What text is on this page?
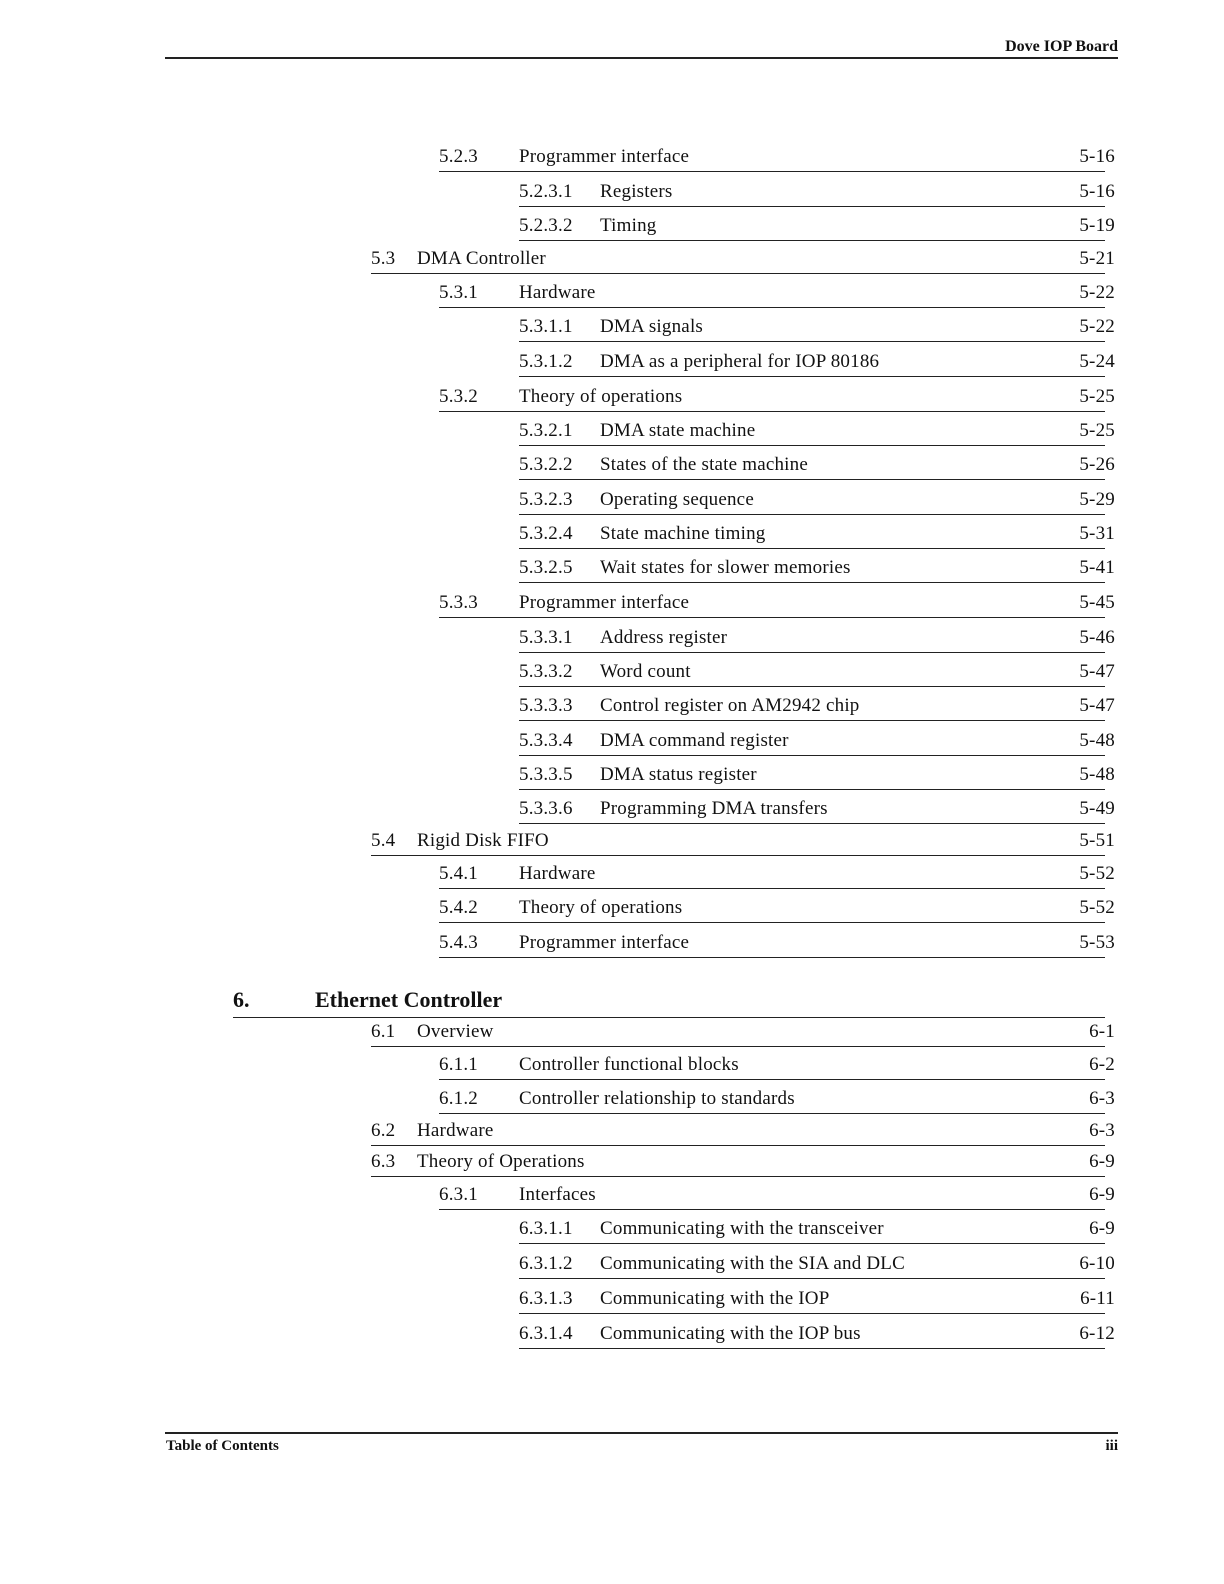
Dove IOP Board
5.2.3 Programmer interface	5-16
5.2.3.1 Registers	5-16
5.2.3.2 Timing	5-19
5.3 DMA Controller	5-21
5.3.1 Hardware	5-22
5.3.1.1 DMA signals	5-22
5.3.1.2 DMA as a peripheral for IOP 80186	5-24
5.3.2 Theory of operations	5-25
5.3.2.1 DMA state machine	5-25
5.3.2.2 States of the state machine	5-26
5.3.2.3 Operating sequence	5-29
5.3.2.4 State machine timing	5-31
5.3.2.5 Wait states for slower memories	5-41
5.3.3 Programmer interface	5-45
5.3.3.1 Address register	5-46
5.3.3.2 Word count	5-47
5.3.3.3 Control register on AM2942 chip	5-47
5.3.3.4 DMA command register	5-48
5.3.3.5 DMA status register	5-48
5.3.3.6 Programming DMA transfers	5-49
5.4 Rigid Disk FIFO	5-51
5.4.1 Hardware	5-52
5.4.2 Theory of operations	5-52
5.4.3 Programmer interface	5-53
6.	Ethernet Controller
6.1 Overview	6-1
6.1.1 Controller functional blocks	6-2
6.1.2 Controller relationship to standards	6-3
6.2 Hardware	6-3
6.3 Theory of Operations	6-9
6.3.1 Interfaces	6-9
6.3.1.1 Communicating with the transceiver	6-9
6.3.1.2 Communicating with the SIA and DLC	6-10
6.3.1.3 Communicating with the IOP	6-11
6.3.1.4 Communicating with the IOP bus	6-12
Table of Contents	iii
